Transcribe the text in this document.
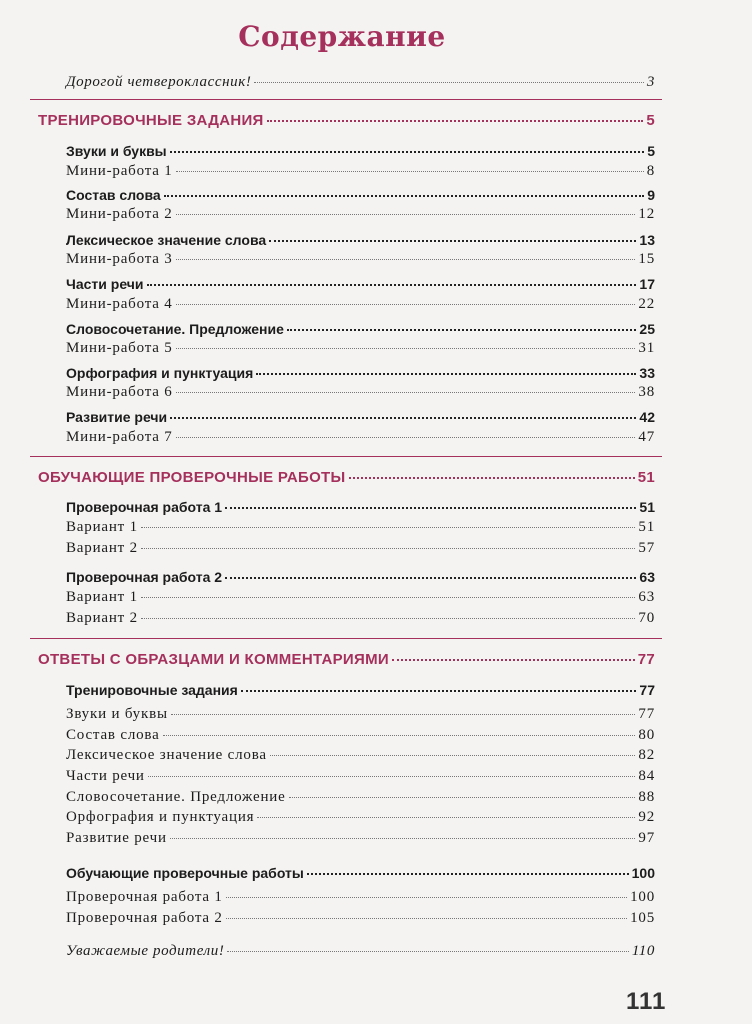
Содержание
Дорогой четвероклассник!	3
ТРЕНИРОВОЧНЫЕ ЗАДАНИЯ	5
Звуки и буквы	5
Мини-работа 1	8
Состав слова	9
Мини-работа 2	12
Лексическое значение слова	13
Мини-работа 3	15
Части речи	17
Мини-работа 4	22
Словосочетание. Предложение	25
Мини-работа 5	31
Орфография и пунктуация	33
Мини-работа 6	38
Развитие речи	42
Мини-работа 7	47
ОБУЧАЮЩИЕ ПРОВЕРОЧНЫЕ РАБОТЫ	51
Проверочная работа 1	51
Вариант 1	51
Вариант 2	57
Проверочная работа 2	63
Вариант 1	63
Вариант 2	70
ОТВЕТЫ С ОБРАЗЦАМИ И КОММЕНТАРИЯМИ	77
Тренировочные задания	77
Звуки и буквы	77
Состав слова	80
Лексическое значение слова	82
Части речи	84
Словосочетание. Предложение	88
Орфография и пунктуация	92
Развитие речи	97
Обучающие проверочные работы	100
Проверочная работа 1	100
Проверочная работа 2	105
Уважаемые родители!	110
111
